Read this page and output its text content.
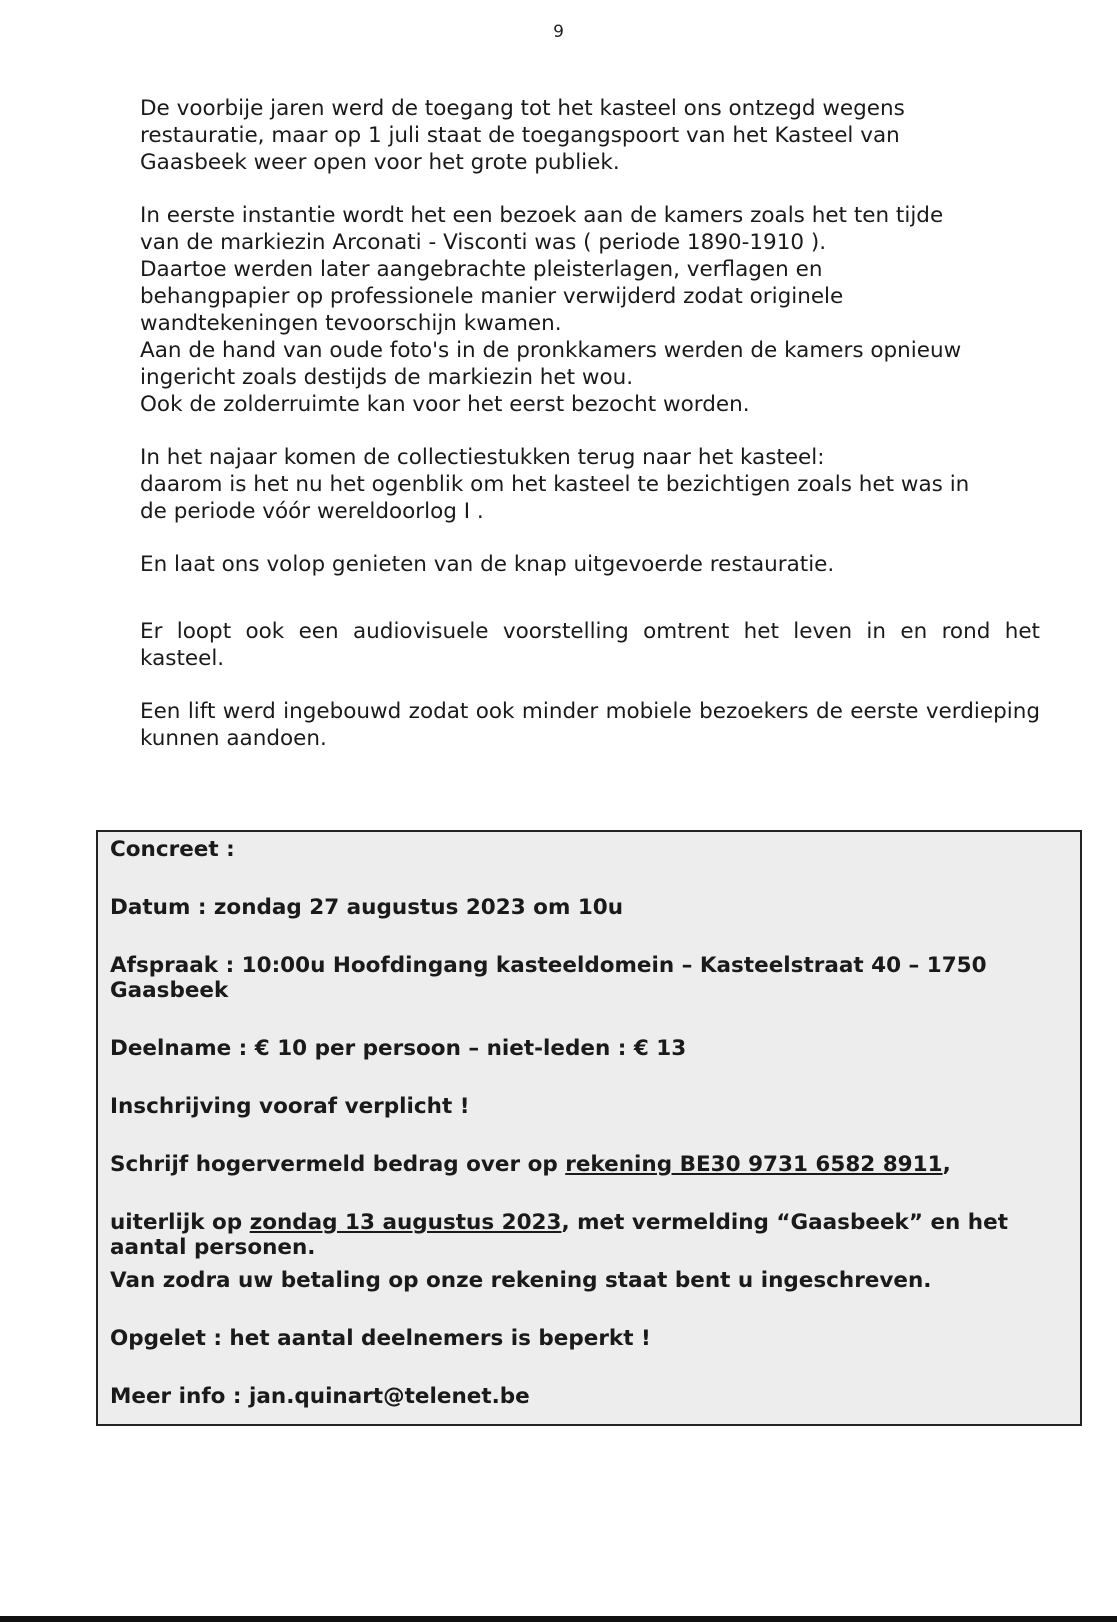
9

De voorbije jaren werd de toegang tot het kasteel ons ontzegd wegens
restauratie, maar op 1 juli staat de toegangspoort van het Kasteel van
Gaasbeek weer open voor het grote publiek.

In eerste instantie wordt het een bezoek aan de kamers zoals het ten tijde
van de markiezin Arconati - Visconti was ( periode 1890-1910 ).
Daartoe werden later aangebrachte pleisterlagen, verflagen en
behangpapier op professionele manier verwijderd zodat originele
wandtekeningen tevoorschijn kwamen.
Aan de hand van oude foto's in de pronkkamers werden de kamers opnieuw
ingericht zoals destijds de markiezin het wou.
Ook de zolderruimte kan voor het eerst bezocht worden.

In het najaar komen de collectiestukken terug naar het kasteel:
daarom is het nu het ogenblik om het kasteel te bezichtigen zoals het was in
de periode vóór wereldoorlog I .

En laat ons volop genieten van de knap uitgevoerde restauratie.

Er loopt ook een audiovisuele voorstelling omtrent het leven in en rond het kasteel.

Een lift werd ingebouwd zodat ook minder mobiele bezoekers de eerste verdieping kunnen aandoen.

Concreet :
Datum : zondag 27 augustus 2023 om 10u
Afspraak : 10:00u Hoofdingang kasteeldomein – Kasteelstraat 40 – 1750 Gaasbeek
Deelname : € 10 per persoon – niet-leden : € 13
Inschrijving vooraf verplicht !
Schrijf hogervermeld bedrag over op rekening BE30 9731 6582 8911,
uiterlijk op zondag 13 augustus 2023, met vermelding “Gaasbeek” en het aantal personen.
Van zodra uw betaling op onze rekening staat bent u ingeschreven.
Opgelet : het aantal deelnemers is beperkt !
Meer info : jan.quinart@telenet.be
